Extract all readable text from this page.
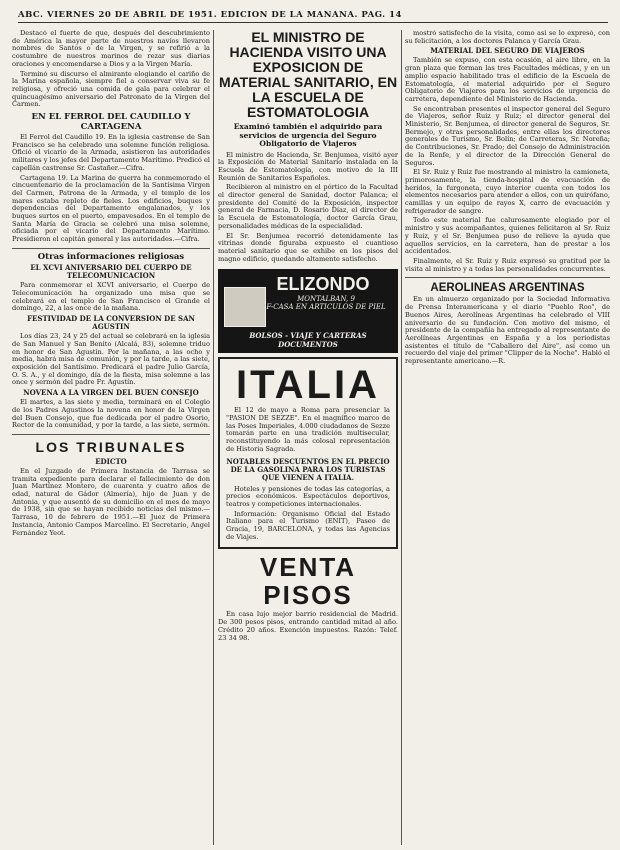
ABC. VIERNES 20 DE ABRIL DE 1951. EDICION DE LA MAÑANA. PAG. 14

Destacó el fuerte de que, después del descubrimiento de América la mayor parte de nuestros navíos llevaron nombres de Santos o de la Virgen, y se refirió a la costumbre de nuestros marinos de rezar sus diarias oraciones y encomendarse a Dios y a la Virgen María.

Terminó su discurso el almirante elogiando el cariño de la Marina española, siempre fiel a conservar viva su fe religiosa, y ofreció una comida de gala para celebrar el quincuagésimo aniversario del Patronato de la Virgen del Carmen.

EN EL FERROL DEL CAUDILLO Y CARTAGENA

El Ferrol del Caudillo 19. En la iglesia castrense de San Francisco se ha celebrado una solemne función religiosa. Ofició el vicario de la Armada, asistieron las autoridades militares y los jefes del Departamento Marítimo. Predicó el capellán castrense Sr. Castañer.—Cifra.

Cartagena 19. La Marina de guerra ha conmemorado el cincuentenario de la proclamación de la Santísima Virgen del Carmen, Patrona de la Armada, y el templo de los mares estaba repleto de fieles. Los edificios, buques y dependencias del Departamento engalanados, y los buques surtos en el puerto, empavesados. En el templo de Santa María de Gracia se celebró una misa solemne, oficiada por el vicario del Departamento Marítimo. Presidieron el capitán general y las autoridades.—Cifra.

Otras informaciones religiosas
EL XCVI ANIVERSARIO DEL CUERPO DE TELECOMUNICACION

Para conmemorar el XCVI aniversario, el Cuerpo de Telecomunicación ha organizado una misa que se celebrará en el templo de San Francisco el Grande el domingo, 22, a las once de la mañana.

FESTIVIDAD DE LA CONVERSION DE SAN AGUSTIN

Los días 23, 24 y 25 del actual se celebrará en la iglesia de San Manuel y San Benito (Alcalá, 83), solemne triduo en honor de San Agustín. Por la mañana, a las ocho y media, habrá misa de comunión, y por la tarde, a las siete, exposición del Santísimo. Predicará el padre Julio García, O. S. A., y el domingo, día de la fiesta, misa solemne a las once y sermón del padre Fr. Agustín.

NOVENA A LA VIRGEN DEL BUEN CONSEJO

El martes, a las siete y media, terminará en el Colegio de los Padres Agustinos la novena en honor de la Virgen del Buen Consejo, que fue dedicada por el padre Osorio, Rector de la comunidad, y por la tarde, a las siete, sermón.

LOS TRIBUNALES
EDICTO

En el Juzgado de Primera Instancia de Tarrasa se tramita expediente para declarar el fallecimiento de don Juan Martínez Montero, de cuarenta y cuatro años de edad, natural de Gádor (Almería), hijo de Juan y de Antonia, y que ausentó de su domicilio en el mes de mayo de 1938, sin que se hayan recibido noticias del mismo.—Tarrasa, 10 de febrero de 1951.—El Juez de Primera Instancia, Antonio Campos Marcelino. El Secretario, Angel Fernández Yeot.

EL MINISTRO DE HACIENDA VISITO UNA EXPOSICION DE MATERIAL SANITARIO, EN LA ESCUELA DE ESTOMATOLOGIA
Examinó también el adquirido para servicios de urgencia del Seguro Obligatorio de Viajeros

El ministro de Hacienda, Sr. Benjumea, visitó ayer la Exposición de Material Sanitario instalada en la Escuela de Estomatología, con motivo de la III Reunión de Sanitarios Españoles.

Recibieron al ministro en el pórtico de la Facultad el director general de Sanidad, doctor Palanca; el presidente del Comité de la Exposición, inspector general de Farmacia, D. Rosario Díaz, el director de la Escuela de Estomatología, doctor García Grau, personalidades médicas de la especialidad.

El Sr. Benjumea recorrió detenidamente las vitrinas donde figuraba expuesto el cuantioso material sanitario que se exhibe en los pisos del magno edificio, quedando altamente satisfecho.

ELIZONDO
MONTALBAN, 9
F-CASA EN ARTICULOS DE PIEL
BOLSOS - VIAJE Y CARTERAS DOCUMENTOS
ITALIA

El 12 de mayo a Roma para presenciar la "PASION DE SEZZE". En el magnífico marco de las Poses Imperiales, 4.000 ciudadanos de Sezze tomarán parte en una tradición multisecular, reconstituyendo la más colosal representación de Historia Sagrada.

NOTABLES DESCUENTOS EN EL PRECIO DE LA GASOLINA PARA LOS TURISTAS QUE VIENEN A ITALIA.

Hoteles y pensiones de todas las categorías, a precios económicos. Espectáculos deportivos, teatros y competiciones internacionales.

Información: Organismo Oficial del Estado Italiano para el Turismo (ENIT), Paseo de Gracia, 19, BARCELONA, y todas las Agencias de Viajes.

VENTA PISOS

En casa lujo mejor barrio residencial de Madrid. De 300 pesos pisos, entrando cantidad mitad al año. Crédito 20 años. Exención impuestos. Razón: Telef. 23 34 98.

mostró satisfecho de la visita, como así se lo expresó, con su felicitación, a los doctores Palanca y García Grau.

MATERIAL DEL SEGURO DE VIAJEROS

También se expuso, con esta ocasión, al aire libre, en la gran plaza que forman las tres Facultades médicas, y en un amplio espacio habilitado tras el edificio de la Escuela de Estomatología, el material adquirido por el Seguro Obligatorio de Viajeros para los servicios de urgencia de carretera, dependiente del Ministerio de Hacienda.

Se encontraban presentes el inspector general del Seguro de Viajeros, señor Ruiz y Ruiz; el director general del Ministerio, Sr. Benjumea, el director general de Seguros, Sr. Bermejo, y otras personalidades, entre ellas los directores generales de Turismo, Sr. Bolín; de Carreteras, Sr. Noreña; de Contribuciones, Sr. Prado; del Consejo de Administración de la Renfe, y el director de la Dirección General de Seguros.

El Sr. Ruiz y Ruiz fue mostrando al ministro la camioneta, primorosamente, la tienda-hospital de evacuación de heridos, la furgoneta, cuyo interior cuenta con todos los elementos necesarios para atender a ellos, con un quirófano, camillas y un equipo de rayos X, carro de evacuación y refrigerador de sangre.

Todo este material fue calurosamente elogiado por el ministro y sus acompañantes, quienes felicitaron al Sr. Ruiz y Ruiz, y el Sr. Benjumea puso de relieve la ayuda que aquellos servicios, en la carretera, han de prestar a los accidentados.

Finalmente, el Sr. Ruiz y Ruiz expresó su gratitud por la visita al ministro y a todas las personalidades concurrentes.

AEROLINEAS ARGENTINAS

En un almuerzo organizado por la Sociedad Informativa de Prensa Interamericana y el diario "Pueblo Roo", de Buenos Aires, Aerolíneas Argentinas ha celebrado el VIII aniversario de su fundación. Con motivo del mismo, el presidente de la compañía ha entregado al representante de Aerolíneas Argentinas en España y a los periodistas asistentes el título de "Caballero del Aire", así como un recuerdo del viaje del primer "Clipper de la Noche". Habló el representante americano.—R.
